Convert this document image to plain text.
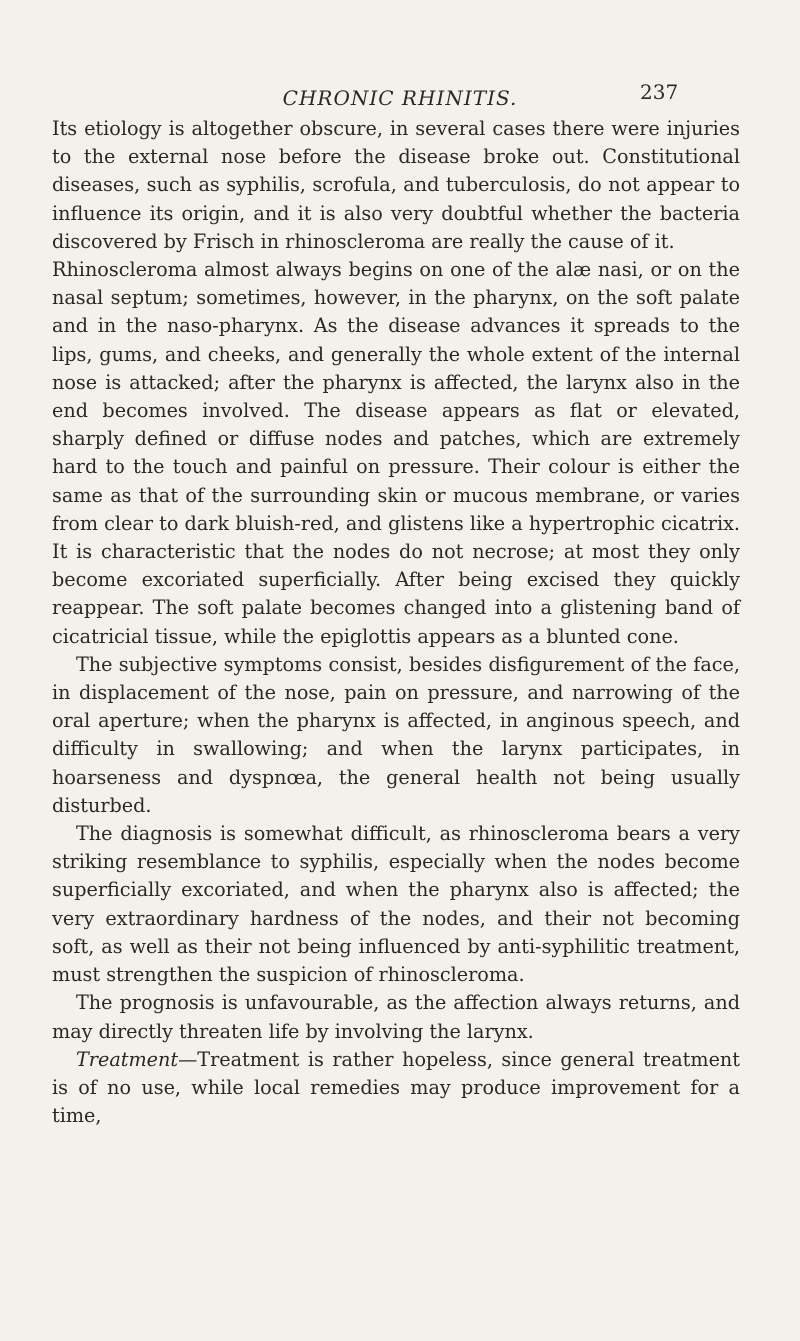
CHRONIC RHINITIS.	237

Its etiology is altogether obscure, in several cases there were injuries to the external nose before the disease broke out. Constitutional diseases, such as syphilis, scrofula, and tuberculosis, do not appear to influence its origin, and it is also very doubtful whether the bacteria discovered by Frisch in rhinoscleroma are really the cause of it.

Rhinoscleroma almost always begins on one of the alæ nasi, or on the nasal septum; sometimes, however, in the pharynx, on the soft palate and in the naso-pharynx. As the disease advances it spreads to the lips, gums, and cheeks, and generally the whole extent of the internal nose is attacked; after the pharynx is affected, the larynx also in the end becomes involved. The disease appears as flat or elevated, sharply defined or diffuse nodes and patches, which are extremely hard to the touch and painful on pressure. Their colour is either the same as that of the surrounding skin or mucous membrane, or varies from clear to dark bluish-red, and glistens like a hypertrophic cicatrix. It is characteristic that the nodes do not necrose; at most they only become excoriated superficially. After being excised they quickly reappear. The soft palate becomes changed into a glistening band of cicatricial tissue, while the epiglottis appears as a blunted cone.

The subjective symptoms consist, besides disfigurement of the face, in displacement of the nose, pain on pressure, and narrowing of the oral aperture; when the pharynx is affected, in anginous speech, and difficulty in swallowing; and when the larynx participates, in hoarseness and dyspnœa, the general health not being usually disturbed.

The diagnosis is somewhat difficult, as rhinoscleroma bears a very striking resemblance to syphilis, especially when the nodes become superficially excoriated, and when the pharynx also is affected; the very extraordinary hardness of the nodes, and their not becoming soft, as well as their not being influenced by anti-syphilitic treatment, must strengthen the suspicion of rhinoscleroma.

The prognosis is unfavourable, as the affection always returns, and may directly threaten life by involving the larynx.

Treatment—Treatment is rather hopeless, since general treatment is of no use, while local remedies may produce improvement for a time,
